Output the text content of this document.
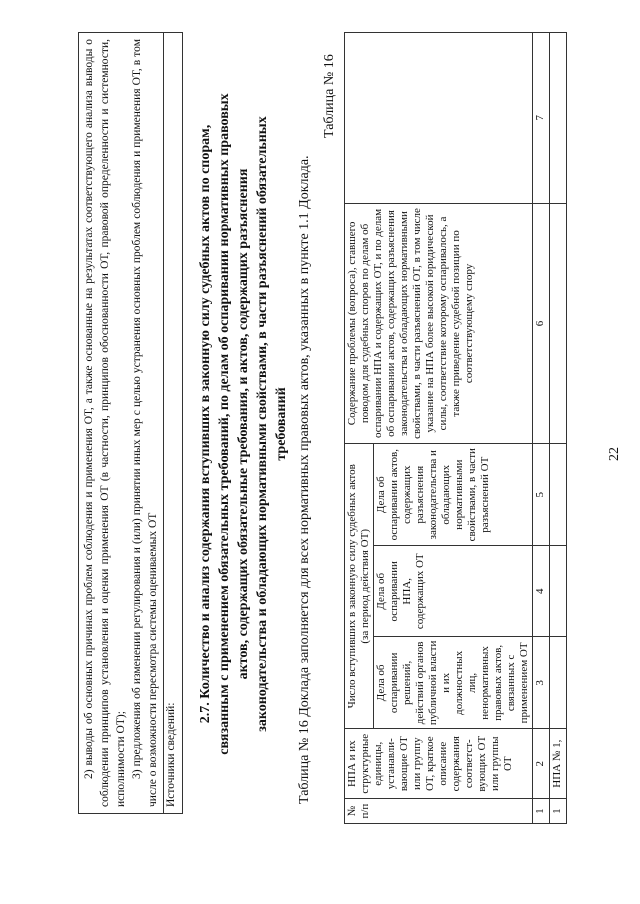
22

2) выводы об основных причинах проблем соблюдения и применения ОТ, а также основанные на результатах соответствующего анализа выводы о соблюдении принципов установления и оценки применения ОТ (в частности, принципов обоснованности ОТ, правовой определенности и системности, исполнимости ОТ); 3) предложения об изменении регулирования и (или) принятии иных мер с целью устранения основных проблем соблюдения и применения ОТ, в том числе о возможности пересмотра системы оцениваемых ОТ Источники сведений:

2.7. Количество и анализ содержания вступивших в законную силу судебных актов по спорам, связанным с применением обязательных требований, по делам об оспаривании нормативных правовых актов, содержащих обязательные требования, и актов, содержащих разъяснения законодательства и обладающих нормативными свойствами, в части разъяснений обязательных требований Таблица № 16 Доклада заполняется для всех нормативных правовых актов, указанных в пункте 1.1 Доклада.
Таблица № 16
№ п/п	НПА и их структурные единицы, устанавли-вающие ОТ или группу ОТ, краткое описание содержания соответст-вующих ОТ или группы ОТ	Число вступивших в законную силу судебных актов (за период действия ОТ)			Содержание проблемы (вопроса), ставшего поводом для судебных споров по делам об оспаривании НПА и содержащих ОТ, и по делам об оспаривании актов, содержащих разъяснения законодательства и обладающих нормативными свойствами, в части разъяснений ОТ, в том числе указание на НПА более высокой юридической силы, соответствие которому оспаривалось, а также приведение судебной позиции по соответствующему спору	
		Дела об оспаривании решений, действий органов публичной власти и их должностных лиц, ненормативных правовых актов, связанных с применением ОТ	Дела об оспаривании НПА, содержащих ОТ	Дела об оспаривании актов, содержащих разъяснения законодательства и обладающих нормативными свойствами, в части разъяснений ОТ		
1	2	3	4	5	6	7
1	НПА № 1,					
